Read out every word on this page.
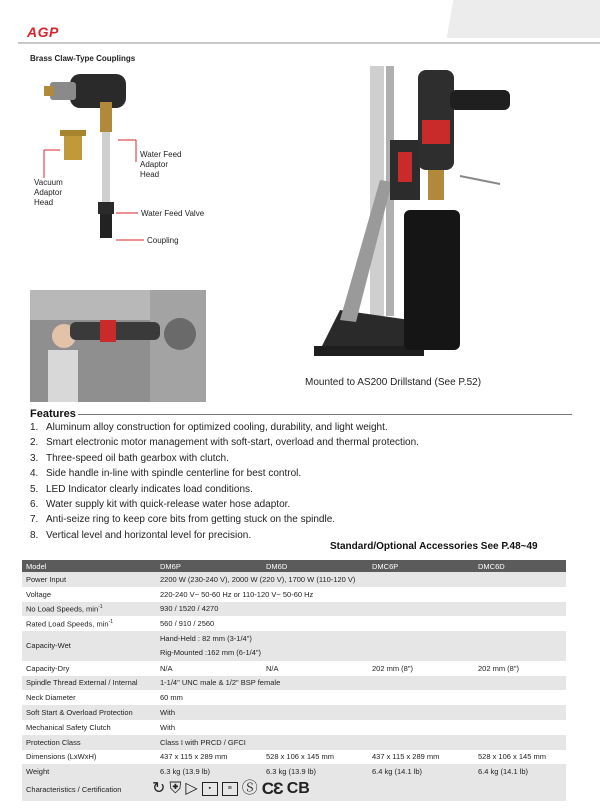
AGP
Brass Claw-Type Couplings
Water Feed
Adaptor
Head
Vacuum
Adaptor
Head
Water Feed Valve
Coupling
Mounted to AS200 Drillstand (See P.52)
Features
1. Aluminum alloy construction for optimized cooling, durability, and light weight.
2. Smart electronic motor management with soft-start, overload and thermal protection.
3. Three-speed oil bath gearbox with clutch.
4. Side handle in-line with spindle centerline for best control.
5. LED Indicator clearly indicates load conditions.
6. Water supply kit with quick-release water hose adaptor.
7. Anti-seize ring to keep core bits from getting stuck on the spindle.
8. Vertical level and horizontal level for precision.
Standard/Optional Accessories See P.48~49
Model	DM6P	DM6D	DMC6P	DMC6D
Power Input	2200 W (230-240 V), 2000 W (220 V), 1700 W (110-120 V)			
Voltage	220-240 V~ 50-60 Hz or 110-120 V~ 50-60 Hz			
No Load Speeds, $\min^{-1}$	930 / 1520 / 4270			
Rated Load Speeds, $\min^{-1}$	560 / 910 / 2560			
Capacity-Wet	Hand-Held : 82 mm (3-1/4")			
	Rig-Mounted :162 mm (6-1/4")			
Capacity-Dry	N/A	N/A	202 mm (8")	202 mm (8")
Spindle Thread External / Internal	1-1/4" UNC male & 1/2" BSP female			
Neck Diameter	60 mm			
Soft Start & Overload Protection	With			
Mechanical Safety Clutch	With			
Protection Class	Class I with PRCD / GFCI			
Dimensions (LxWxH)	437 x 115 x 289 mm	528 x 106 x 145 mm	437 x 115 x 289 mm	528 x 106 x 145 mm
Weight	6.3 kg (13.9 lb)	6.3 kg (13.9 lb)	6.4 kg (14.1 lb)	6.4 kg (14.1 lb)
Characteristics / Certification ↻ ⛨ ▷	▪	≡ Ⓢ CƐ CB
